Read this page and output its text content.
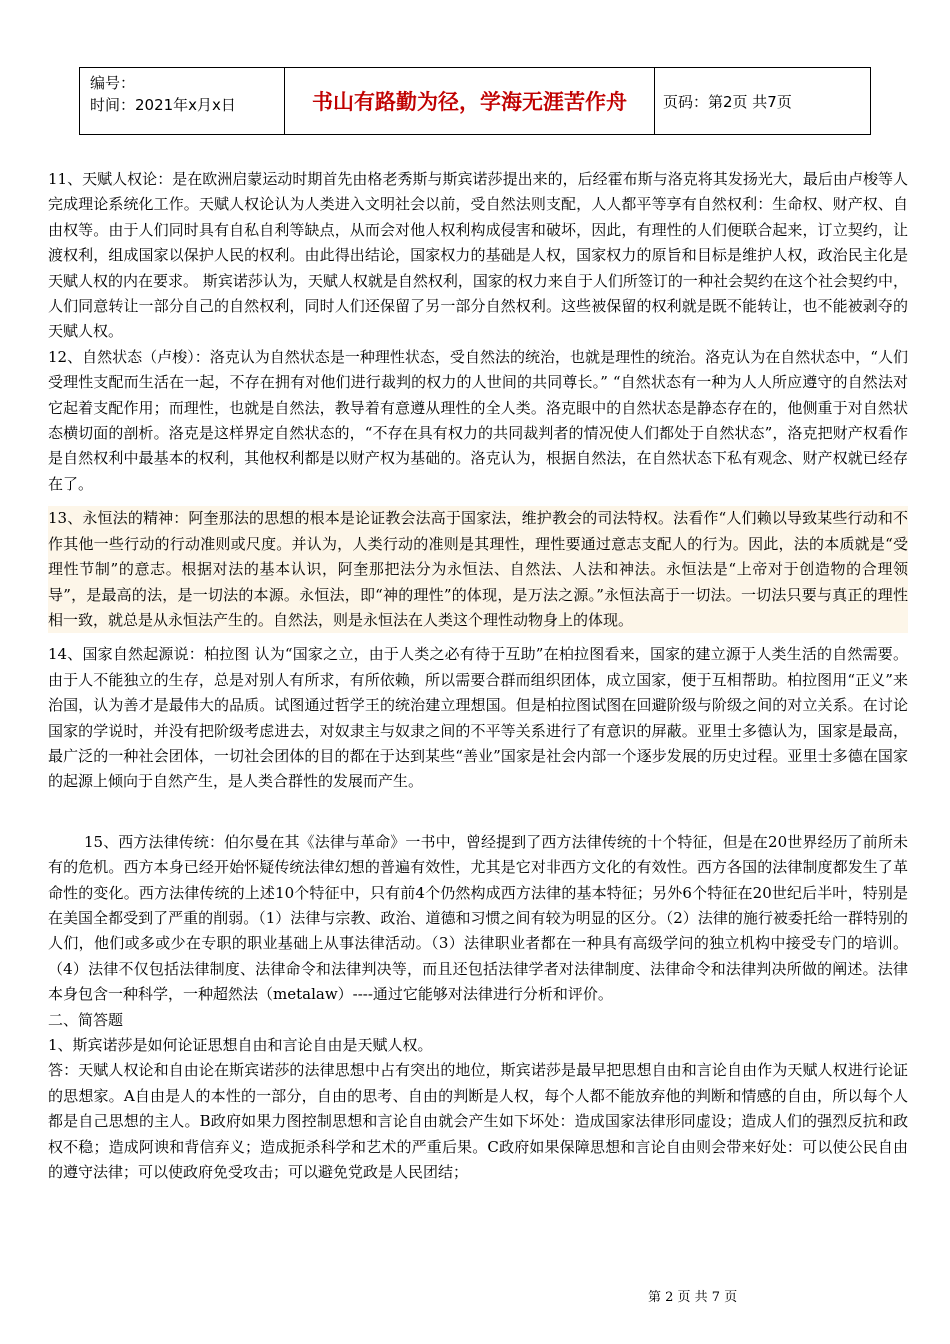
编号：
时间：2021年x月x日	书山有路勤为径，学海无涯苦作舟	页码：第2页 共7页

11、天赋人权论：是在欧洲启蒙运动时期首先由格老秀斯与斯宾诺莎提出来的，后经霍布斯与洛克将其发扬光大，最后由卢梭等人完成理论系统化工作。天赋人权论认为人类进入文明社会以前，受自然法则支配，人人都平等享有自然权利：生命权、财产权、自由权等。由于人们同时具有自私自利等缺点，从而会对他人权利构成侵害和破坏，因此，有理性的人们便联合起来，订立契约，让渡权利，组成国家以保护人民的权利。由此得出结论，国家权力的基础是人权，国家权力的原旨和目标是维护人权，政治民主化是天赋人权的内在要求。 斯宾诺莎认为，天赋人权就是自然权利，国家的权力来自于人们所签订的一种社会契约在这个社会契约中，人们同意转让一部分自己的自然权利，同时人们还保留了另一部分自然权利。这些被保留的权利就是既不能转让，也不能被剥夺的天赋人权。

12、自然状态（卢梭）：洛克认为自然状态是一种理性状态，受自然法的统治，也就是理性的统治。洛克认为在自然状态中，“人们受理性支配而生活在一起，不存在拥有对他们进行裁判的权力的人世间的共同尊长。” “自然状态有一种为人人所应遵守的自然法对它起着支配作用；而理性，也就是自然法，教导着有意遵从理性的全人类。洛克眼中的自然状态是静态存在的，他侧重于对自然状态横切面的剖析。洛克是这样界定自然状态的，“不存在具有权力的共同裁判者的情况使人们都处于自然状态”，洛克把财产权看作是自然权利中最基本的权利，其他权利都是以财产权为基础的。洛克认为，根据自然法，在自然状态下私有观念、财产权就已经存在了。

13、永恒法的精神：阿奎那法的思想的根本是论证教会法高于国家法，维护教会的司法特权。法看作“人们赖以导致某些行动和不作其他一些行动的行动准则或尺度。并认为，人类行动的准则是其理性，理性要通过意志支配人的行为。因此，法的本质就是“受理性节制”的意志。根据对法的基本认识，阿奎那把法分为永恒法、自然法、人法和神法。永恒法是“上帝对于创造物的合理领导”，是最高的法，是一切法的本源。永恒法，即“神的理性”的体现，是万法之源。”永恒法高于一切法。一切法只要与真正的理性相一致，就总是从永恒法产生的。自然法，则是永恒法在人类这个理性动物身上的体现。

14、国家自然起源说：柏拉图 认为“国家之立，由于人类之必有待于互助”在柏拉图看来，国家的建立源于人类生活的自然需要。由于人不能独立的生存，总是对别人有所求，有所依赖，所以需要合群而组织团体，成立国家，便于互相帮助。柏拉图用“正义”来治国，认为善才是最伟大的品质。试图通过哲学王的统治建立理想国。但是柏拉图试图在回避阶级与阶级之间的对立关系。在讨论国家的学说时，并没有把阶级考虑进去，对奴隶主与奴隶之间的不平等关系进行了有意识的屏蔽。亚里士多德认为，国家是最高，最广泛的一种社会团体，一切社会团体的目的都在于达到某些“善业”国家是社会内部一个逐步发展的历史过程。亚里士多德在国家的起源上倾向于自然产生，是人类合群性的发展而产生。

15、西方法律传统：伯尔曼在其《法律与革命》一书中，曾经提到了西方法律传统的十个特征，但是在20世界经历了前所未有的危机。西方本身已经开始怀疑传统法律幻想的普遍有效性，尤其是它对非西方文化的有效性。西方各国的法律制度都发生了革命性的变化。西方法律传统的上述10个特征中，只有前4个仍然构成西方法律的基本特征；另外6个特征在20世纪后半叶，特别是在美国全都受到了严重的削弱。（1）法律与宗教、政治、道德和习惯之间有较为明显的区分。（2）法律的施行被委托给一群特别的人们，他们或多或少在专职的职业基础上从事法律活动。（3）法律职业者都在一种具有高级学问的独立机构中接受专门的培训。（4）法律不仅包括法律制度、法律命令和法律判决等，而且还包括法律学者对法律制度、法律命令和法律判决所做的阐述。法律本身包含一种科学，一种超然法（metalaw）----通过它能够对法律进行分析和评价。

二、简答题

1、斯宾诺莎是如何论证思想自由和言论自由是天赋人权。

答：天赋人权论和自由论在斯宾诺莎的法律思想中占有突出的地位，斯宾诺莎是最早把思想自由和言论自由作为天赋人权进行论证的思想家。A自由是人的本性的一部分，自由的思考、自由的判断是人权，每个人都不能放弃他的判断和情感的自由，所以每个人都是自己思想的主人。B政府如果力图控制思想和言论自由就会产生如下坏处：造成国家法律形同虚设；造成人们的强烈反抗和政权不稳；造成阿谀和背信弃义；造成扼杀科学和艺术的严重后果。C政府如果保障思想和言论自由则会带来好处：可以使公民自由的遵守法律；可以使政府免受攻击；可以避免党政是人民团结；

第 2 页 共 7 页
